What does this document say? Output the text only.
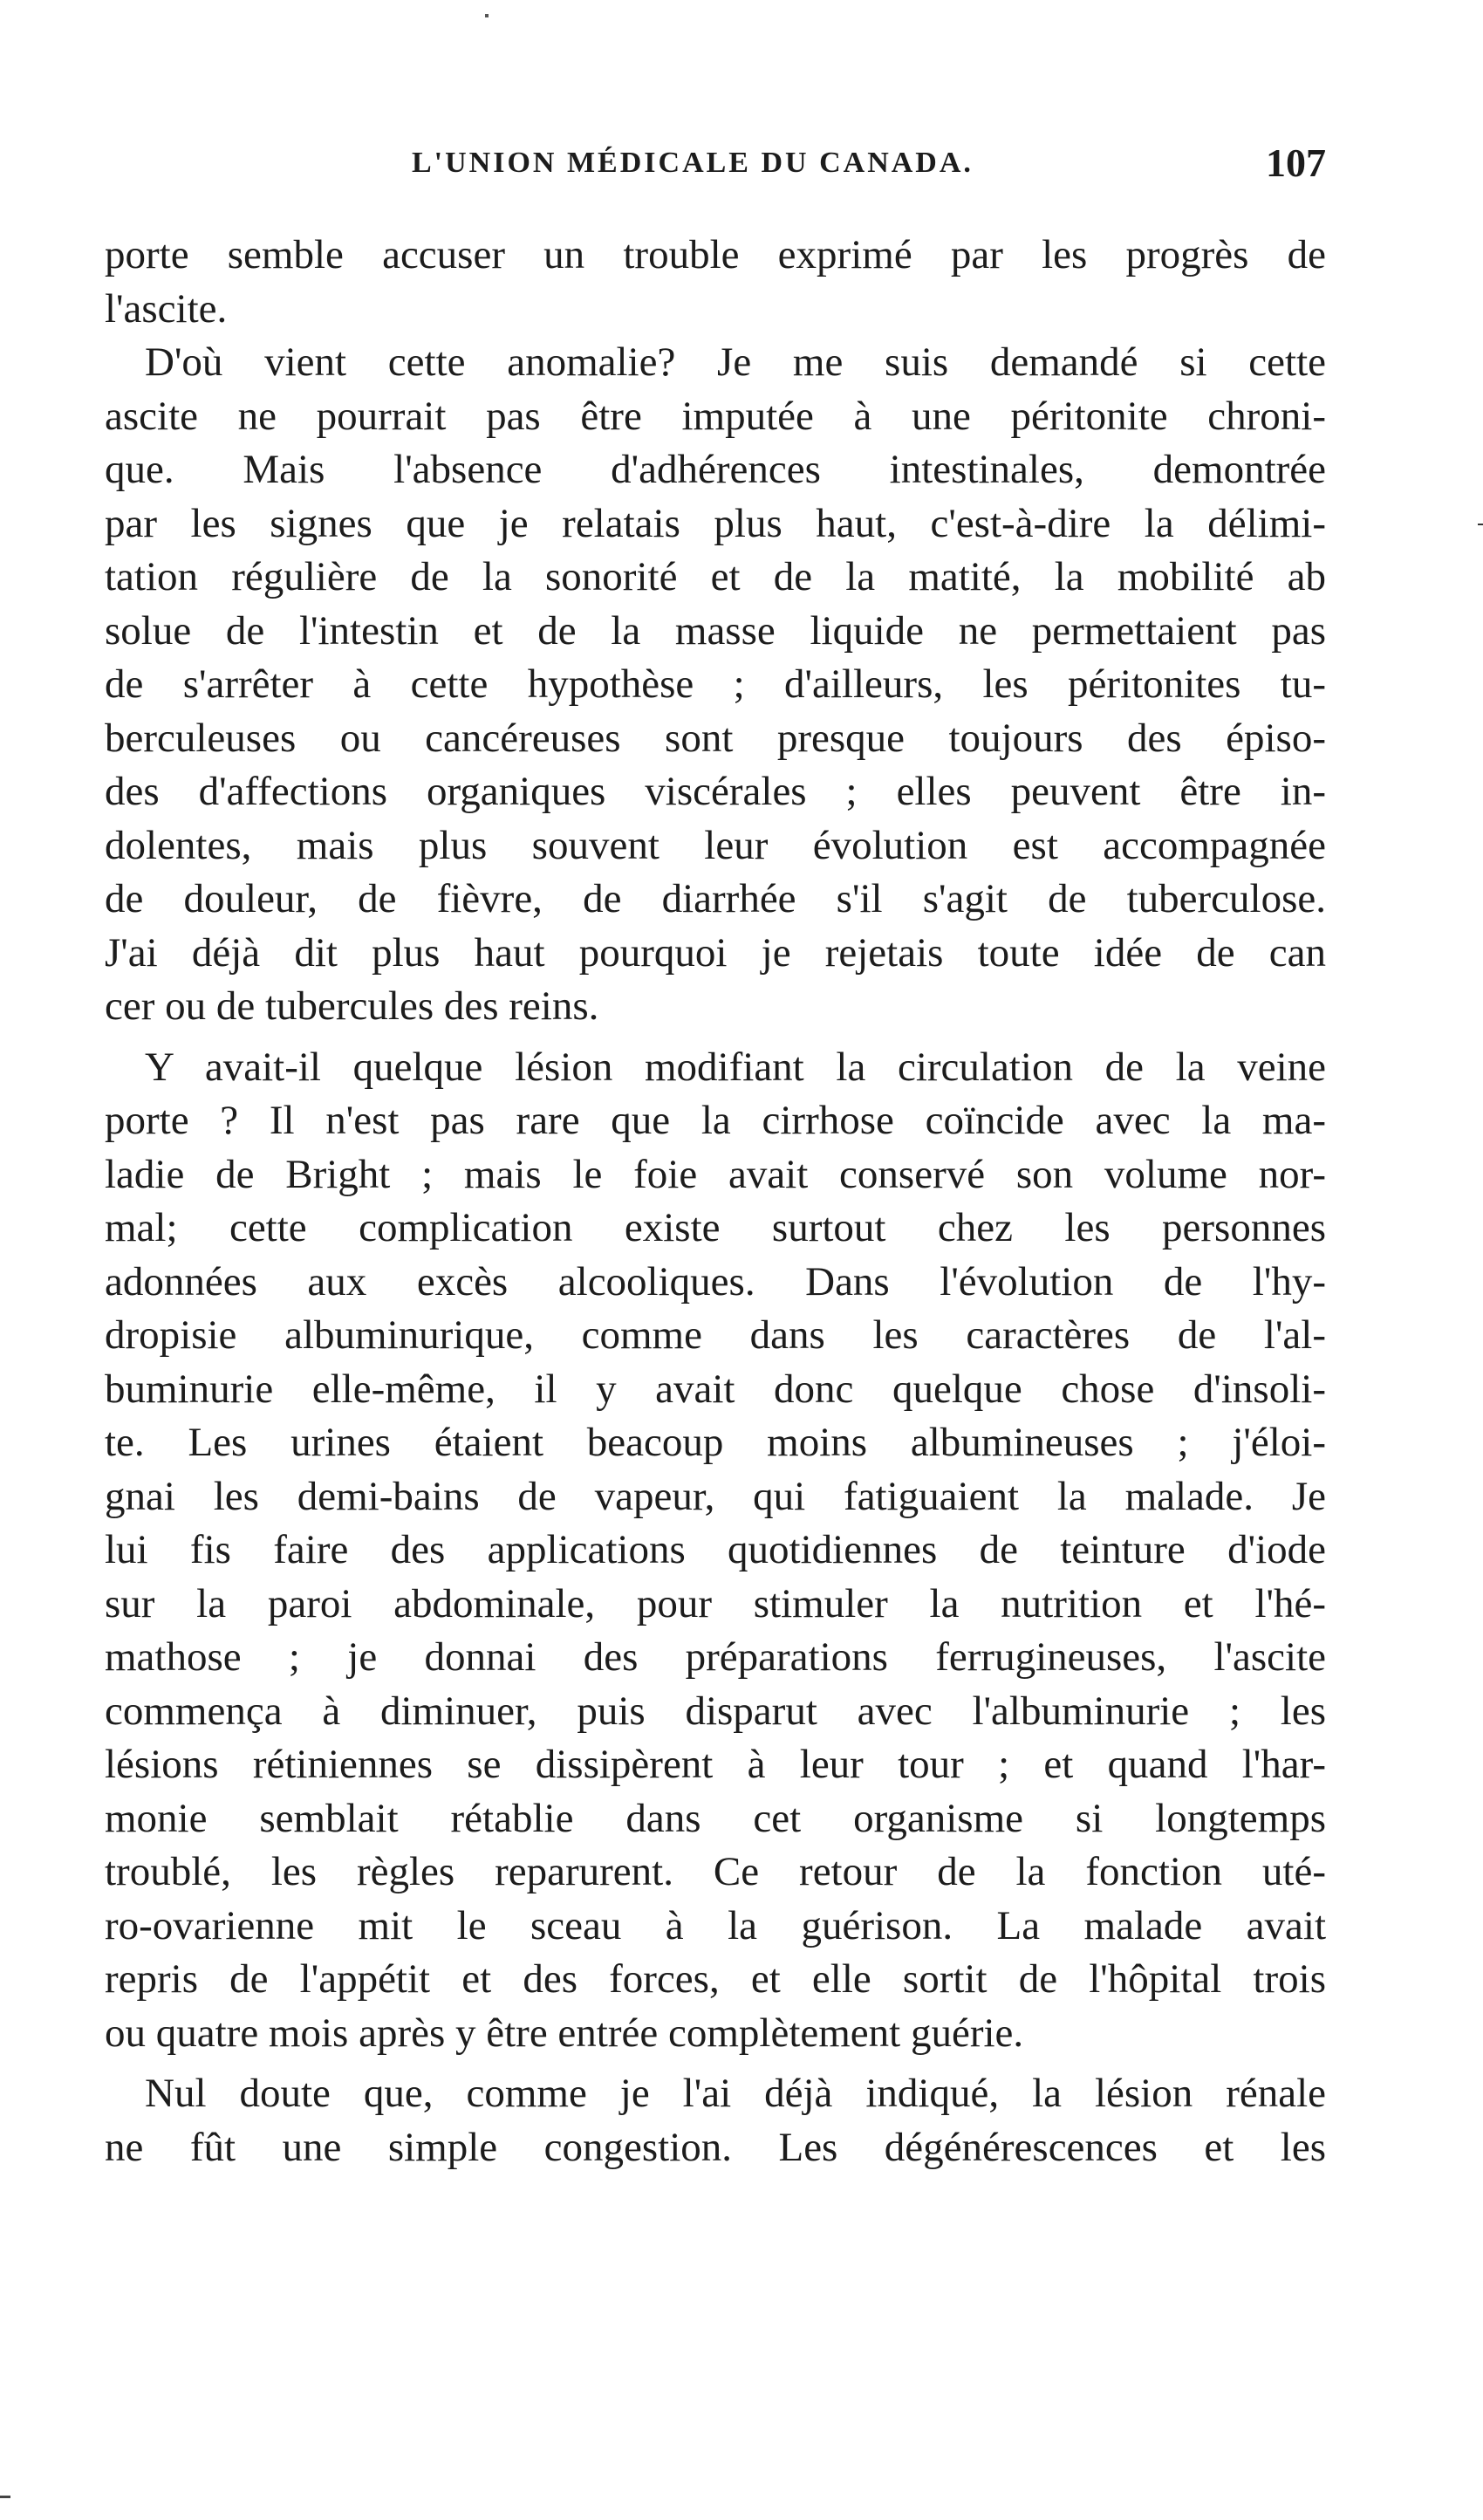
L'UNION MÉDICALE DU CANADA.	107
porte semble accuser un trouble exprimé par les progrès de
l'ascite.
D'où vient cette anomalie? Je me suis demandé si cette
ascite ne pourrait pas être imputée à une péritonite chroni-
que. Mais l'absence d'adhérences intestinales, demontrée
par les signes que je relatais plus haut, c'est-à-dire la délimi-
tation régulière de la sonorité et de la matité, la mobilité ab
solue de l'intestin et de la masse liquide ne permettaient pas
de s'arrêter à cette hypothèse ; d'ailleurs, les péritonites tu-
berculeuses ou cancéreuses sont presque toujours des épiso-
des d'affections organiques viscérales ; elles peuvent être in-
dolentes, mais plus souvent leur évolution est accompagnée
de douleur, de fièvre, de diarrhée s'il s'agit de tuberculose.
J'ai déjà dit plus haut pourquoi je rejetais toute idée de can
cer ou de tubercules des reins.
Y avait-il quelque lésion modifiant la circulation de la veine
porte ? Il n'est pas rare que la cirrhose coïncide avec la ma-
ladie de Bright ; mais le foie avait conservé son volume nor-
mal; cette complication existe surtout chez les personnes
adonnées aux excès alcooliques. Dans l'évolution de l'hy-
dropisie albuminurique, comme dans les caractères de l'al-
buminurie elle-même, il y avait donc quelque chose d'insoli-
te. Les urines étaient beacoup moins albumineuses ; j'éloi-
gnai les demi-bains de vapeur, qui fatiguaient la malade. Je
lui fis faire des applications quotidiennes de teinture d'iode
sur la paroi abdominale, pour stimuler la nutrition et l'hé-
mathose ; je donnai des préparations ferrugineuses, l'ascite
commença à diminuer, puis disparut avec l'albuminurie ; les
lésions rétiniennes se dissipèrent à leur tour ; et quand l'har-
monie semblait rétablie dans cet organisme si longtemps
troublé, les règles reparurent. Ce retour de la fonction uté-
ro-ovarienne mit le sceau à la guérison. La malade avait
repris de l'appétit et des forces, et elle sortit de l'hôpital trois
ou quatre mois après y être entrée complètement guérie.
Nul doute que, comme je l'ai déjà indiqué, la lésion rénale
ne fût une simple congestion. Les dégénérescences et les
